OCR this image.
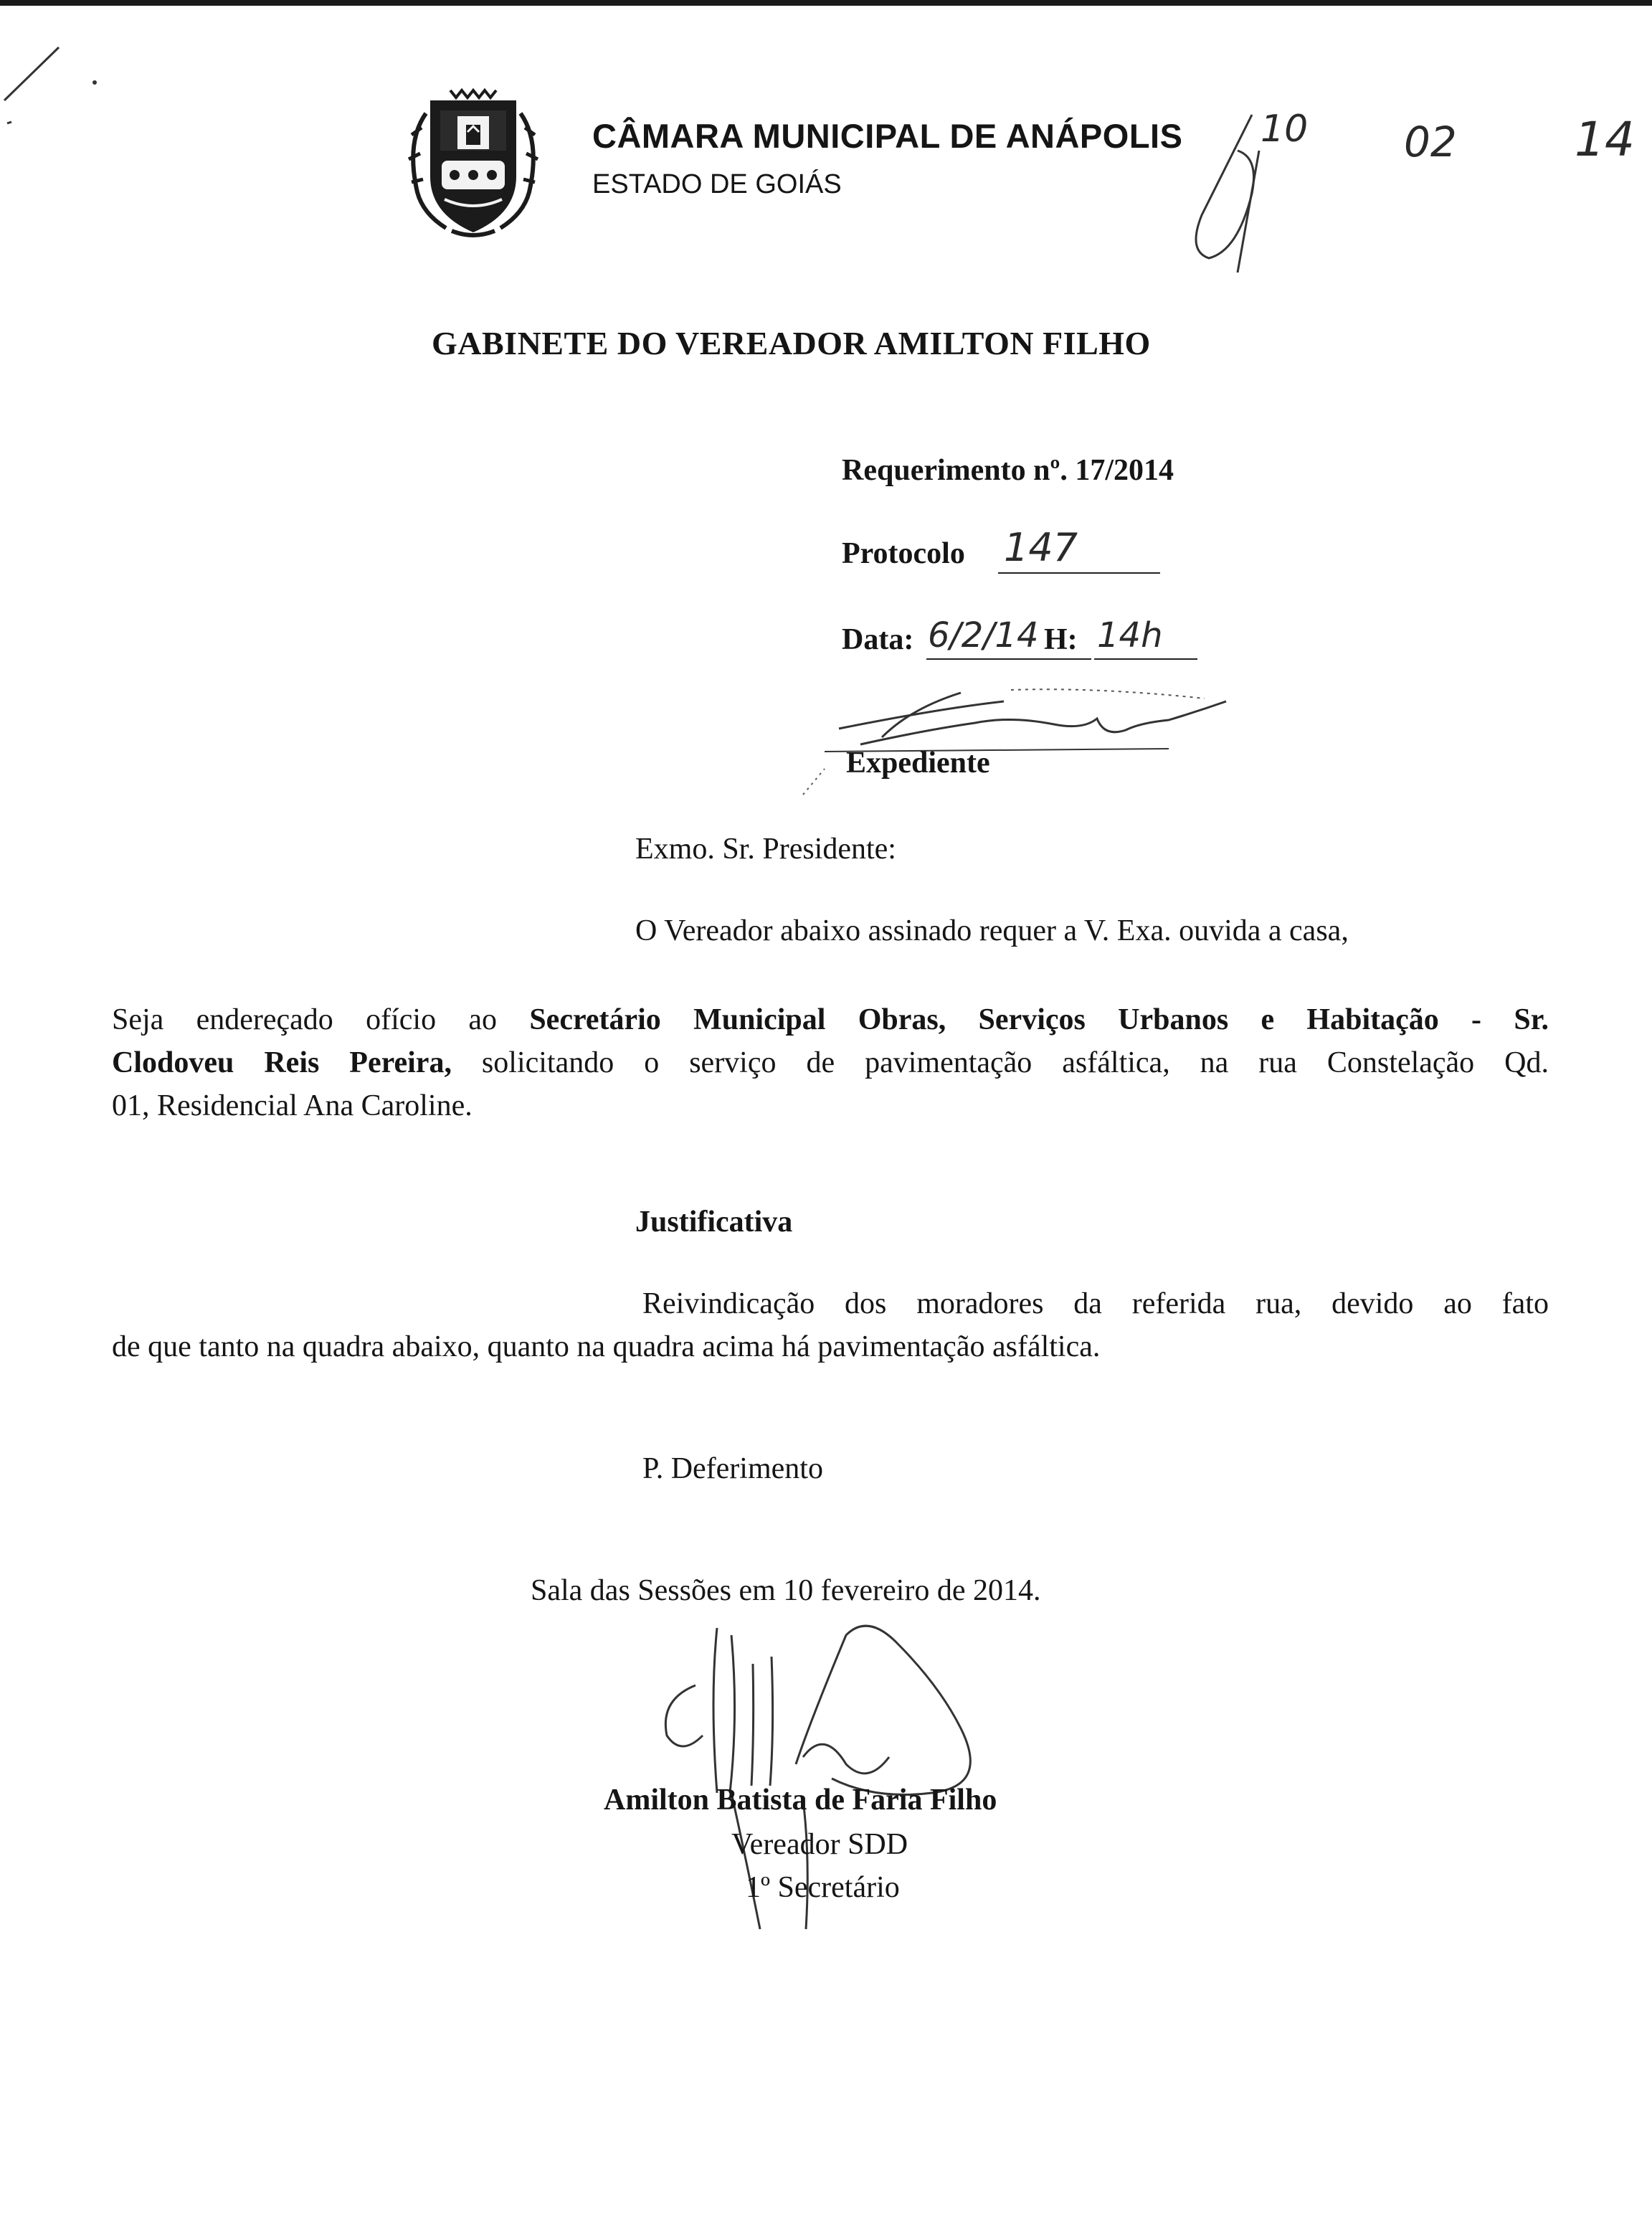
CÂMARA MUNICIPAL DE ANÁPOLIS
ESTADO DE GOIÁS
10 02 14
GABINETE DO VEREADOR AMILTON FILHO
Requerimento nº. 17/2014
Protocolo 147
Data: 6/2/14 H: 14h
Expediente
Exmo. Sr. Presidente:
O Vereador abaixo assinado requer a V. Exa. ouvida a casa,
Seja endereçado ofício ao Secretário Municipal Obras, Serviços Urbanos e Habitação - Sr.
Clodoveu Reis Pereira, solicitando o serviço de pavimentação asfáltica, na rua Constelação Qd.
01, Residencial Ana Caroline.
Justificativa
Reivindicação dos moradores da referida rua, devido ao fato
de que tanto na quadra abaixo, quanto na quadra acima há pavimentação asfáltica.
P. Deferimento
Sala das Sessões em 10 fevereiro de 2014.
Amilton Batista de Faria Filho
Vereador SDD
1º Secretário
